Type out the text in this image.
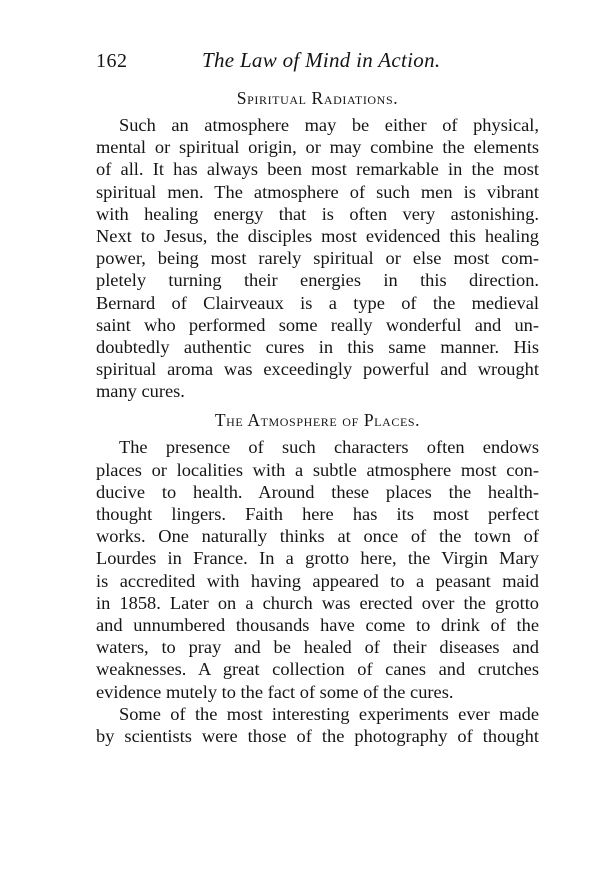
162	The Law of Mind in Action.
Spiritual Radiations.

Such an atmosphere may be either of physical,
mental or spiritual origin, or may combine the elements
of all. It has always been most remarkable in the most
spiritual men. The atmosphere of such men is vibrant
with healing energy that is often very astonishing.
Next to Jesus, the disciples most evidenced this healing
power, being most rarely spiritual or else most com-
pletely turning their energies in this direction.
Bernard of Clairveaux is a type of the medieval
saint who performed some really wonderful and un-
doubtedly authentic cures in this same manner. His
spiritual aroma was exceedingly powerful and wrought
many cures.

The Atmosphere of Places.

The presence of such characters often endows
places or localities with a subtle atmosphere most con-
ducive to health. Around these places the health-
thought lingers. Faith here has its most perfect
works. One naturally thinks at once of the town of
Lourdes in France. In a grotto here, the Virgin Mary
is accredited with having appeared to a peasant maid
in 1858. Later on a church was erected over the grotto
and unnumbered thousands have come to drink of the
waters, to pray and be healed of their diseases and
weaknesses. A great collection of canes and crutches
evidence mutely to the fact of some of the cures.

Some of the most interesting experiments ever made
by scientists were those of the photography of thought
